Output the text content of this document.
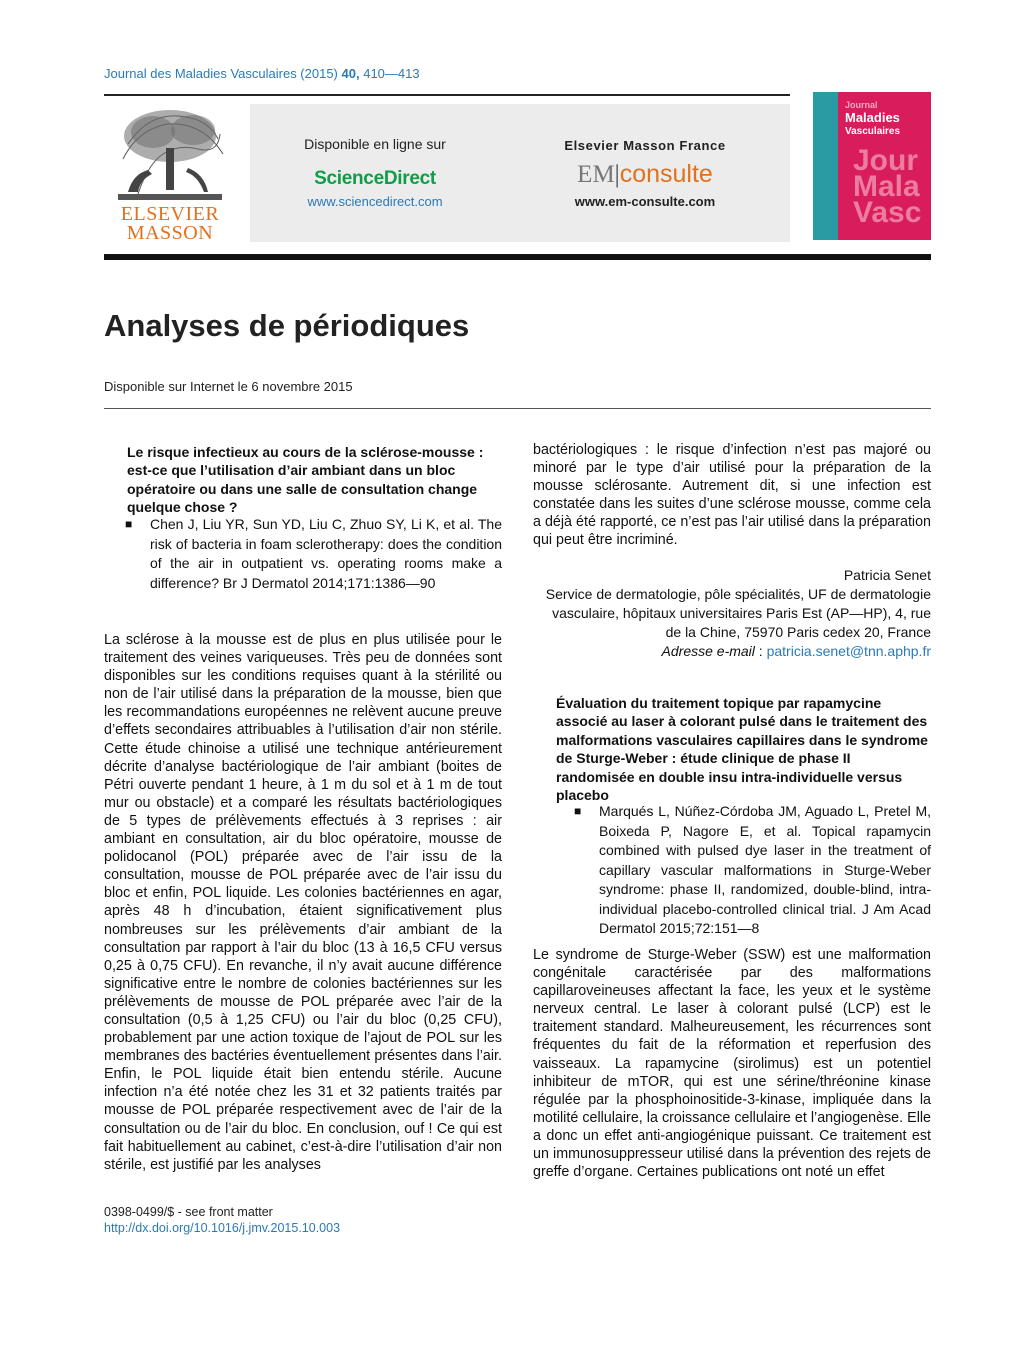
Journal des Maladies Vasculaires (2015) 40, 410—413
ELSEVIER
MASSON
Disponible en ligne sur
ScienceDirect
www.sciencedirect.com
Elsevier Masson France
EM|consulte
www.em-consulte.com
Journal
Maladies
Vasculaires
Jour
Mala
Vasc
Analyses de périodiques
Disponible sur Internet le 6 novembre 2015
Le risque infectieux au cours de la sclérose-mousse : est-ce que l’utilisation d’air ambiant dans un bloc opératoire ou dans une salle de consultation change quelque chose ?
■ Chen J, Liu YR, Sun YD, Liu C, Zhuo SY, Li K, et al. The risk of bacteria in foam sclerotherapy: does the condition of the air in outpatient vs. operating rooms make a difference? Br J Dermatol 2014;171:1386—90
La sclérose à la mousse est de plus en plus utilisée pour le traitement des veines variqueuses. Très peu de données sont disponibles sur les conditions requises quant à la stérilité ou non de l’air utilisé dans la préparation de la mousse, bien que les recommandations européennes ne relèvent aucune preuve d’effets secondaires attribuables à l’utilisation d’air non stérile. Cette étude chinoise a utilisé une technique antérieurement décrite d’analyse bactériologique de l’air ambiant (boites de Pétri ouverte pendant 1 heure, à 1 m du sol et à 1 m de tout mur ou obstacle) et a comparé les résultats bactériologiques de 5 types de prélèvements effectués à 3 reprises : air ambiant en consultation, air du bloc opératoire, mousse de polidocanol (POL) préparée avec de l’air issu de la consultation, mousse de POL préparée avec de l’air issu du bloc et enfin, POL liquide. Les colonies bactériennes en agar, après 48 h d’incubation, étaient significativement plus nombreuses sur les prélèvements d’air ambiant de la consultation par rapport à l’air du bloc (13 à 16,5 CFU versus 0,25 à 0,75 CFU). En revanche, il n’y avait aucune différence significative entre le nombre de colonies bactériennes sur les prélèvements de mousse de POL préparée avec l’air de la consultation (0,5 à 1,25 CFU) ou l’air du bloc (0,25 CFU), probablement par une action toxique de l’ajout de POL sur les membranes des bactéries éventuellement présentes dans l’air. Enfin, le POL liquide était bien entendu stérile. Aucune infection n’a été notée chez les 31 et 32 patients traités par mousse de POL préparée respectivement avec de l’air de la consultation ou de l’air du bloc. En conclusion, ouf ! Ce qui est fait habituellement au cabinet, c’est-à-dire l’utilisation d’air non stérile, est justifié par les analyses
bactériologiques : le risque d’infection n’est pas majoré ou minoré par le type d’air utilisé pour la préparation de la mousse sclérosante. Autrement dit, si une infection est constatée dans les suites d’une sclérose mousse, comme cela a déjà été rapporté, ce n’est pas l’air utilisé dans la préparation qui peut être incriminé.
Patricia Senet
Service de dermatologie, pôle spécialités, UF de dermatologie vasculaire, hôpitaux universitaires Paris Est (AP—HP), 4, rue de la Chine, 75970 Paris cedex 20, France
Adresse e-mail : patricia.senet@tnn.aphp.fr
Évaluation du traitement topique par rapamycine associé au laser à colorant pulsé dans le traitement des malformations vasculaires capillaires dans le syndrome de Sturge-Weber : étude clinique de phase II randomisée en double insu intra-individuelle versus placebo
■ Marqués L, Núñez-Córdoba JM, Aguado L, Pretel M, Boixeda P, Nagore E, et al. Topical rapamycin combined with pulsed dye laser in the treatment of capillary vascular malformations in Sturge-Weber syndrome: phase II, randomized, double-blind, intra-individual placebo-controlled clinical trial. J Am Acad Dermatol 2015;72:151—8
Le syndrome de Sturge-Weber (SSW) est une malformation congénitale caractérisée par des malformations capillaroveineuses affectant la face, les yeux et le système nerveux central. Le laser à colorant pulsé (LCP) est le traitement standard. Malheureusement, les récurrences sont fréquentes du fait de la réformation et reperfusion des vaisseaux. La rapamycine (sirolimus) est un potentiel inhibiteur de mTOR, qui est une sérine/thréonine kinase régulée par la phosphoinositide-3-kinase, impliquée dans la motilité cellulaire, la croissance cellulaire et l’angiogenèse. Elle a donc un effet anti-angiogénique puissant. Ce traitement est un immunosuppresseur utilisé dans la prévention des rejets de greffe d’organe. Certaines publications ont noté un effet
0398-0499/$ - see front matter
http://dx.doi.org/10.1016/j.jmv.2015.10.003
